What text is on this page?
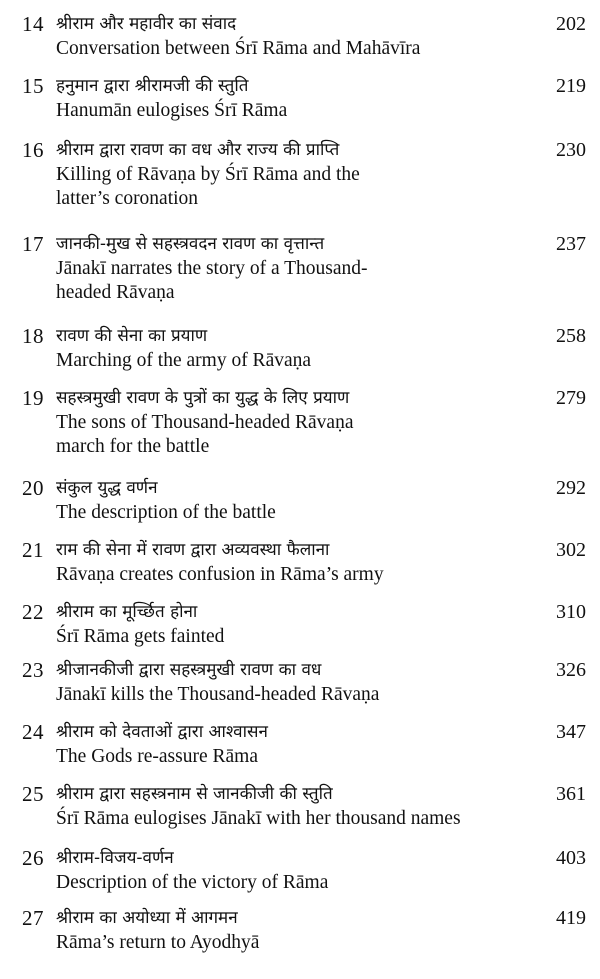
14 श्रीराम और महावीर का संवाद
Conversation between Śrī Rāma and Mahāvīra
202
15 हनुमान द्वारा श्रीरामजी की स्तुति
Hanumān eulogises Śrī Rāma
219
16 श्रीराम द्वारा रावण का वध और राज्य की प्राप्ति
Killing of Rāvaṇa by Śrī Rāma and the latter’s coronation
230
17 जानकी-मुख से सहस्त्रवदन रावण का वृत्तान्त
Jānakī narrates the story of a Thousand-headed Rāvaṇa
237
18 रावण की सेना का प्रयाण
Marching of the army of Rāvaṇa
258
19 सहस्त्रमुखी रावण के पुत्रों का युद्ध के लिए प्रयाण
The sons of Thousand-headed Rāvaṇa march for the battle
279
20 संकुल युद्ध वर्णन
The description of the battle
292
21 राम की सेना में रावण द्वारा अव्यवस्था फैलाना
Rāvaṇa creates confusion in Rāma’s army
302
22 श्रीराम का मूर्च्छित होना
Śrī Rāma gets fainted
310
23 श्रीजानकीजी द्वारा सहस्त्रमुखी रावण का वध
Jānakī kills the Thousand-headed Rāvaṇa
326
24 श्रीराम को देवताओं द्वारा आश्वासन
The Gods re-assure Rāma
347
25 श्रीराम द्वारा सहस्त्रनाम से जानकीजी की स्तुति
Śrī Rāma eulogises Jānakī with her thousand names
361
26 श्रीराम-विजय-वर्णन
Description of the victory of Rāma
403
27 श्रीराम का अयोध्या में आगमन
Rāma’s return to Ayodhyā
419
